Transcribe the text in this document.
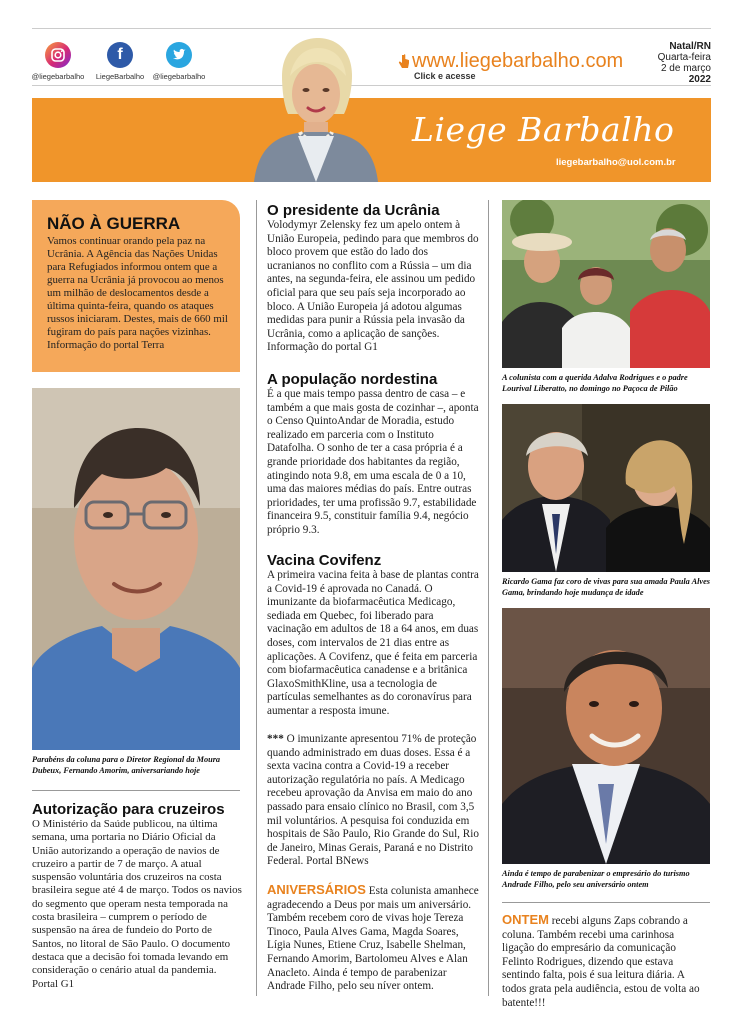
@liegebarbalho
f
LiegeBarbalho	@liegebarbalho
www.liegebarbalho.com
Click e acesse
Natal/RN
Quarta-feira
2 de março
2022
Liege Barbalho
liegebarbalho@uol.com.br
NÃO À GUERRA
Vamos continuar orando pela paz na Ucrânia. A Agência das Nações Unidas para Refugiados informou ontem que a guerra na Ucrânia já provocou ao menos um milhão de deslocamentos desde a última quinta-feira, quando os ataques russos iniciaram. Destes, mais de 660 mil fugiram do país para nações vizinhas. Informação do portal Terra
Parabéns da coluna para o Diretor Regional da Moura Dubeux, Fernando Amorim, aniversariando hoje
Autorização para cruzeiros
O Ministério da Saúde publicou, na última semana, uma portaria no Diário Oficial da União autorizando a operação de navios de cruzeiro a partir de 7 de março. A atual suspensão voluntária dos cruzeiros na costa brasileira segue até 4 de março. Todos os navios do segmento que operam nesta temporada na costa brasileira – cumprem o período de suspensão na área de fundeio do Porto de Santos, no litoral de São Paulo. O documento destaca que a decisão foi tomada levando em consideração o cenário atual da pandemia. Portal G1
O presidente da Ucrânia
Volodymyr Zelensky fez um apelo ontem à União Europeia, pedindo para que membros do bloco provem que estão do lado dos ucranianos no conflito com a Rússia – um dia antes, na segunda-feira, ele assinou um pedido oficial para que seu país seja incorporado ao bloco. A União Europeia já adotou algumas medidas para punir a Rússia pela invasão da Ucrânia, como a aplicação de sanções. Informação do portal G1
A população nordestina
É a que mais tempo passa dentro de casa – e também a que mais gosta de cozinhar –, aponta o Censo QuintoAndar de Moradia, estudo realizado em parceria com o Instituto Datafolha. O sonho de ter a casa própria é a grande prioridade dos habitantes da região, atingindo nota 9.8, em uma escala de 0 a 10, uma das maiores médias do país. Entre outras prioridades, ter uma profissão 9.7, estabilidade financeira 9.5, constituir família 9.4, negócio próprio 9.3.
Vacina Covifenz
A primeira vacina feita à base de plantas contra a Covid-19 é aprovada no Canadá. O imunizante da biofarmacêutica Medicago, sediada em Quebec, foi liberado para vacinação em adultos de 18 a 64 anos, em duas doses, com intervalos de 21 dias entre as aplicações. A Covifenz, que é feita em parceria com biofarmacêutica canadense e a britânica GlaxoSmithKline, usa a tecnologia de partículas semelhantes as do coronavírus para aumentar a resposta imune.

*** O imunizante apresentou 71% de proteção quando administrado em duas doses. Essa é a sexta vacina contra a Covid-19 a receber autorização regulatória no país. A Medicago recebeu aprovação da Anvisa em maio do ano passado para ensaio clínico no Brasil, com 3,5 mil voluntários. A pesquisa foi conduzida em hospitais de São Paulo, Rio Grande do Sul, Rio de Janeiro, Minas Gerais, Paraná e no Distrito Federal. Portal BNews

ANIVERSÁRIOS Esta colunista amanhece agradecendo a Deus por mais um aniversário. Também recebem coro de vivas hoje Tereza Tinoco, Paula Alves Gama, Magda Soares, Lígia Nunes, Etiene Cruz, Isabelle Shelman, Fernando Amorim, Bartolomeu Alves e Alan Anacleto. Ainda é tempo de parabenizar Andrade Filho, pelo seu níver ontem.

A colunista com a querida Adalva Rodrigues e o padre Lourival Liberatto, no domingo no Paçoca de Pilão
Ricardo Gama faz coro de vivas para sua amada Paula Alves Gama, brindando hoje mudança de idade
Ainda é tempo de parabenizar o empresário do turismo Andrade Filho, pelo seu aniversário ontem

ONTEM recebi alguns Zaps cobrando a coluna. Também recebi uma carinhosa ligação do empresário da comunicação Felinto Rodrigues, dizendo que estava sentindo falta, pois é sua leitura diária. A todos grata pela audiência, estou de volta ao batente!!!
